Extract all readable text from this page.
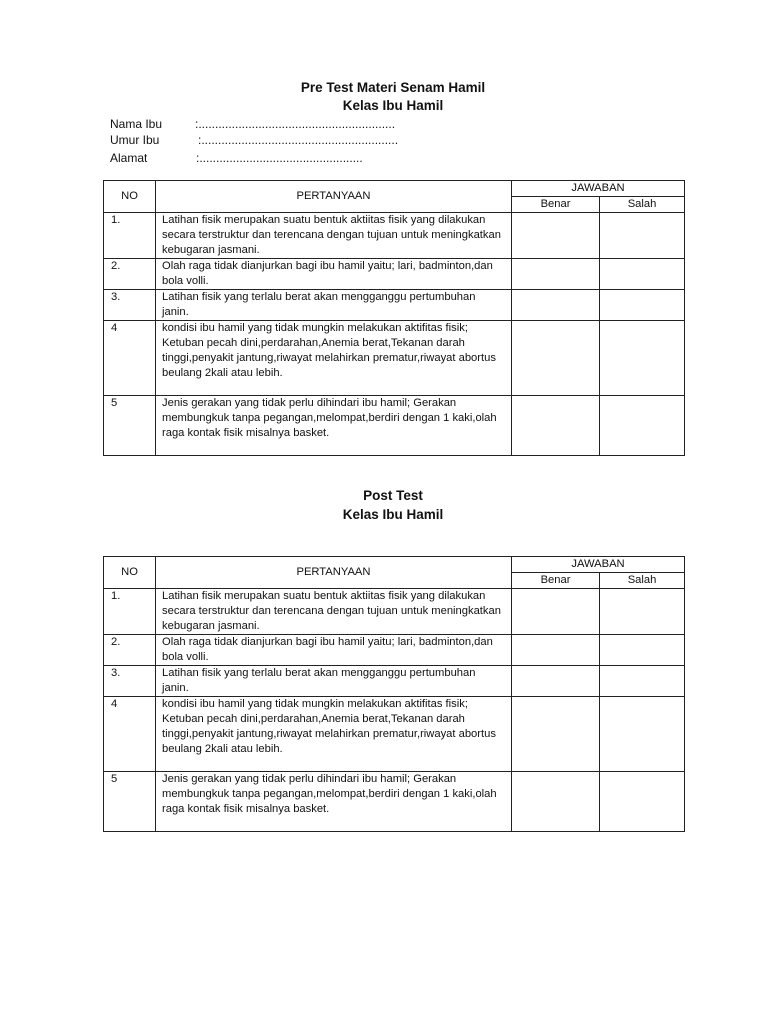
Pre Test Materi Senam Hamil
Kelas Ibu Hamil
Nama Ibu	:...........................................................
Umur Ibu	:...........................................................
Alamat	:.................................................
NO	PERTANYAAN	JAWABAN	
		Benar	Salah
1.	Latihan fisik merupakan suatu bentuk aktiitas fisik yang dilakukan secara terstruktur dan terencana dengan tujuan untuk meningkatkan kebugaran jasmani.		
2.	Olah raga tidak dianjurkan bagi ibu hamil yaitu; lari, badminton,dan bola volli.		
3.	Latihan fisik yang terlalu berat akan mengganggu pertumbuhan janin.		
4	kondisi ibu hamil yang tidak mungkin melakukan aktifitas fisik; Ketuban pecah dini,perdarahan,Anemia berat,Tekanan darah tinggi,penyakit jantung,riwayat melahirkan prematur,riwayat abortus beulang 2kali atau lebih.		
5	Jenis gerakan yang tidak perlu dihindari ibu hamil; Gerakan membungkuk tanpa pegangan,melompat,berdiri dengan 1 kaki,olah raga kontak fisik misalnya basket.		
Post Test
Kelas Ibu Hamil
NO	PERTANYAAN	JAWABAN	
		Benar	Salah
1.	Latihan fisik merupakan suatu bentuk aktiitas fisik yang dilakukan secara terstruktur dan terencana dengan tujuan untuk meningkatkan kebugaran jasmani.		
2.	Olah raga tidak dianjurkan bagi ibu hamil yaitu; lari, badminton,dan bola volli.		
3.	Latihan fisik yang terlalu berat akan mengganggu pertumbuhan janin.		
4	kondisi ibu hamil yang tidak mungkin melakukan aktifitas fisik; Ketuban pecah dini,perdarahan,Anemia berat,Tekanan darah tinggi,penyakit jantung,riwayat melahirkan prematur,riwayat abortus beulang 2kali atau lebih.		
5	Jenis gerakan yang tidak perlu dihindari ibu hamil; Gerakan membungkuk tanpa pegangan,melompat,berdiri dengan 1 kaki,olah raga kontak fisik misalnya basket.		
